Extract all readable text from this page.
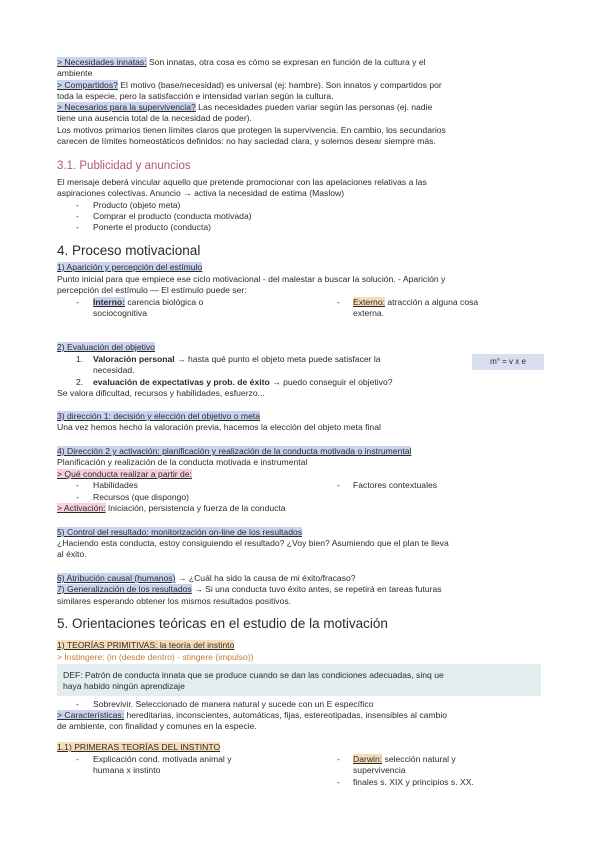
> Necesidades innatas: Son innatas, otra cosa es cómo se expresan en función de la cultura y el
ambiente
> Compartidos? El motivo (base/necesidad) es universal (ej: hambre). Son innatos y compartidos por
toda la especie, pero la satisfacción e intensidad varían según la cultura.
> Necesarios para la supervivencia? Las necesidades pueden variar según las personas (ej. nadie
tiene una ausencia total de la necesidad de poder).
Los motivos primarios tienen límites claros que protegen la supervivencia. En cambio, los secundarios
carecen de límites homeostáticos definidos: no hay saciedad clara, y solemos desear siempre más.
3.1. Publicidad y anuncios
El mensaje deberá vincular aquello que pretende promocionar con las apelaciones relativas a las
aspiraciones colectivas. Anuncio → activa la necesidad de estima (Maslow)
- Producto (objeto meta)
- Comprar el producto (conducta motivada)
- Ponerte el producto (conducta)
4. Proceso motivacional
1) Aparición y percepción del estímulo
Punto inicial para que empiece ese ciclo motivacional - del malestar a buscar la solución. - Aparición y
percepción del estímulo — El estímulo puede ser:
- Interno: carencia biológica o
sociocognitiva
- Externo: atracción a alguna cosa
externa.
2) Evaluación del objetivo
1. Valoración personal → hasta qué punto el objeto meta puede satisfacer la
necesidad.
2. evaluación de expectativas y prob. de éxito → puedo conseguir el objetivo?
Se valora dificultad, recursos y habilidades, esfuerzo...
m° = v x e
3) dirección 1: decisión y elección del objetivo o meta
Una vez hemos hecho la valoración previa, hacemos la elección del objeto meta final
4) Dirección 2 y activación: planificación y realización de la conducta motivada o instrumental
Planificación y realización de la conducta motivada e instrumental
> Qué conducta realizar a partir de:
- Habilidades	- Factores contextuales
- Recursos (que dispongo)
> Activación: Iniciación, persistencia y fuerza de la conducta
5) Control del resultado: monitorización on-line de los resultados
¿Haciendo esta conducta, estoy consiguiendo el resultado? ¿Voy bien? Asumiendo que el plan te lleva
al éxito.
6) Atribución causal (humanos) → ¿Cuál ha sido la causa de mi éxito/fracaso?
7) Generalización de los resultados → Si una conducta tuvo éxito antes, se repetirá en tareas futuras
similares esperando obtener los mismos resultados positivos.
5. Orientaciones teóricas en el estudio de la motivación
1) TEORÍAS PRIMITIVAS: la teoría del instinto
> Instingere: (in (desde dentro) - stingere (impulso))
DEF: Patrón de conducta innata que se produce cuando se dan las condiciones adecuadas, sinq ue
haya habido ningún aprendizaje
- Sobrevivir. Seleccionado de manera natural y sucede con un E específico
> Características: hereditarias, inconscientes, automáticas, fijas, estereotipadas, insensibles al cambio
de ambiente, con finalidad y comunes en la especie.
1.1) PRIMERAS TEORÍAS DEL INSTINTO
- Explicación cond. motivada animal y
humana x instinto
- Darwin: selección natural y
supervivencia
- finales s. XIX y principios s. XX.
